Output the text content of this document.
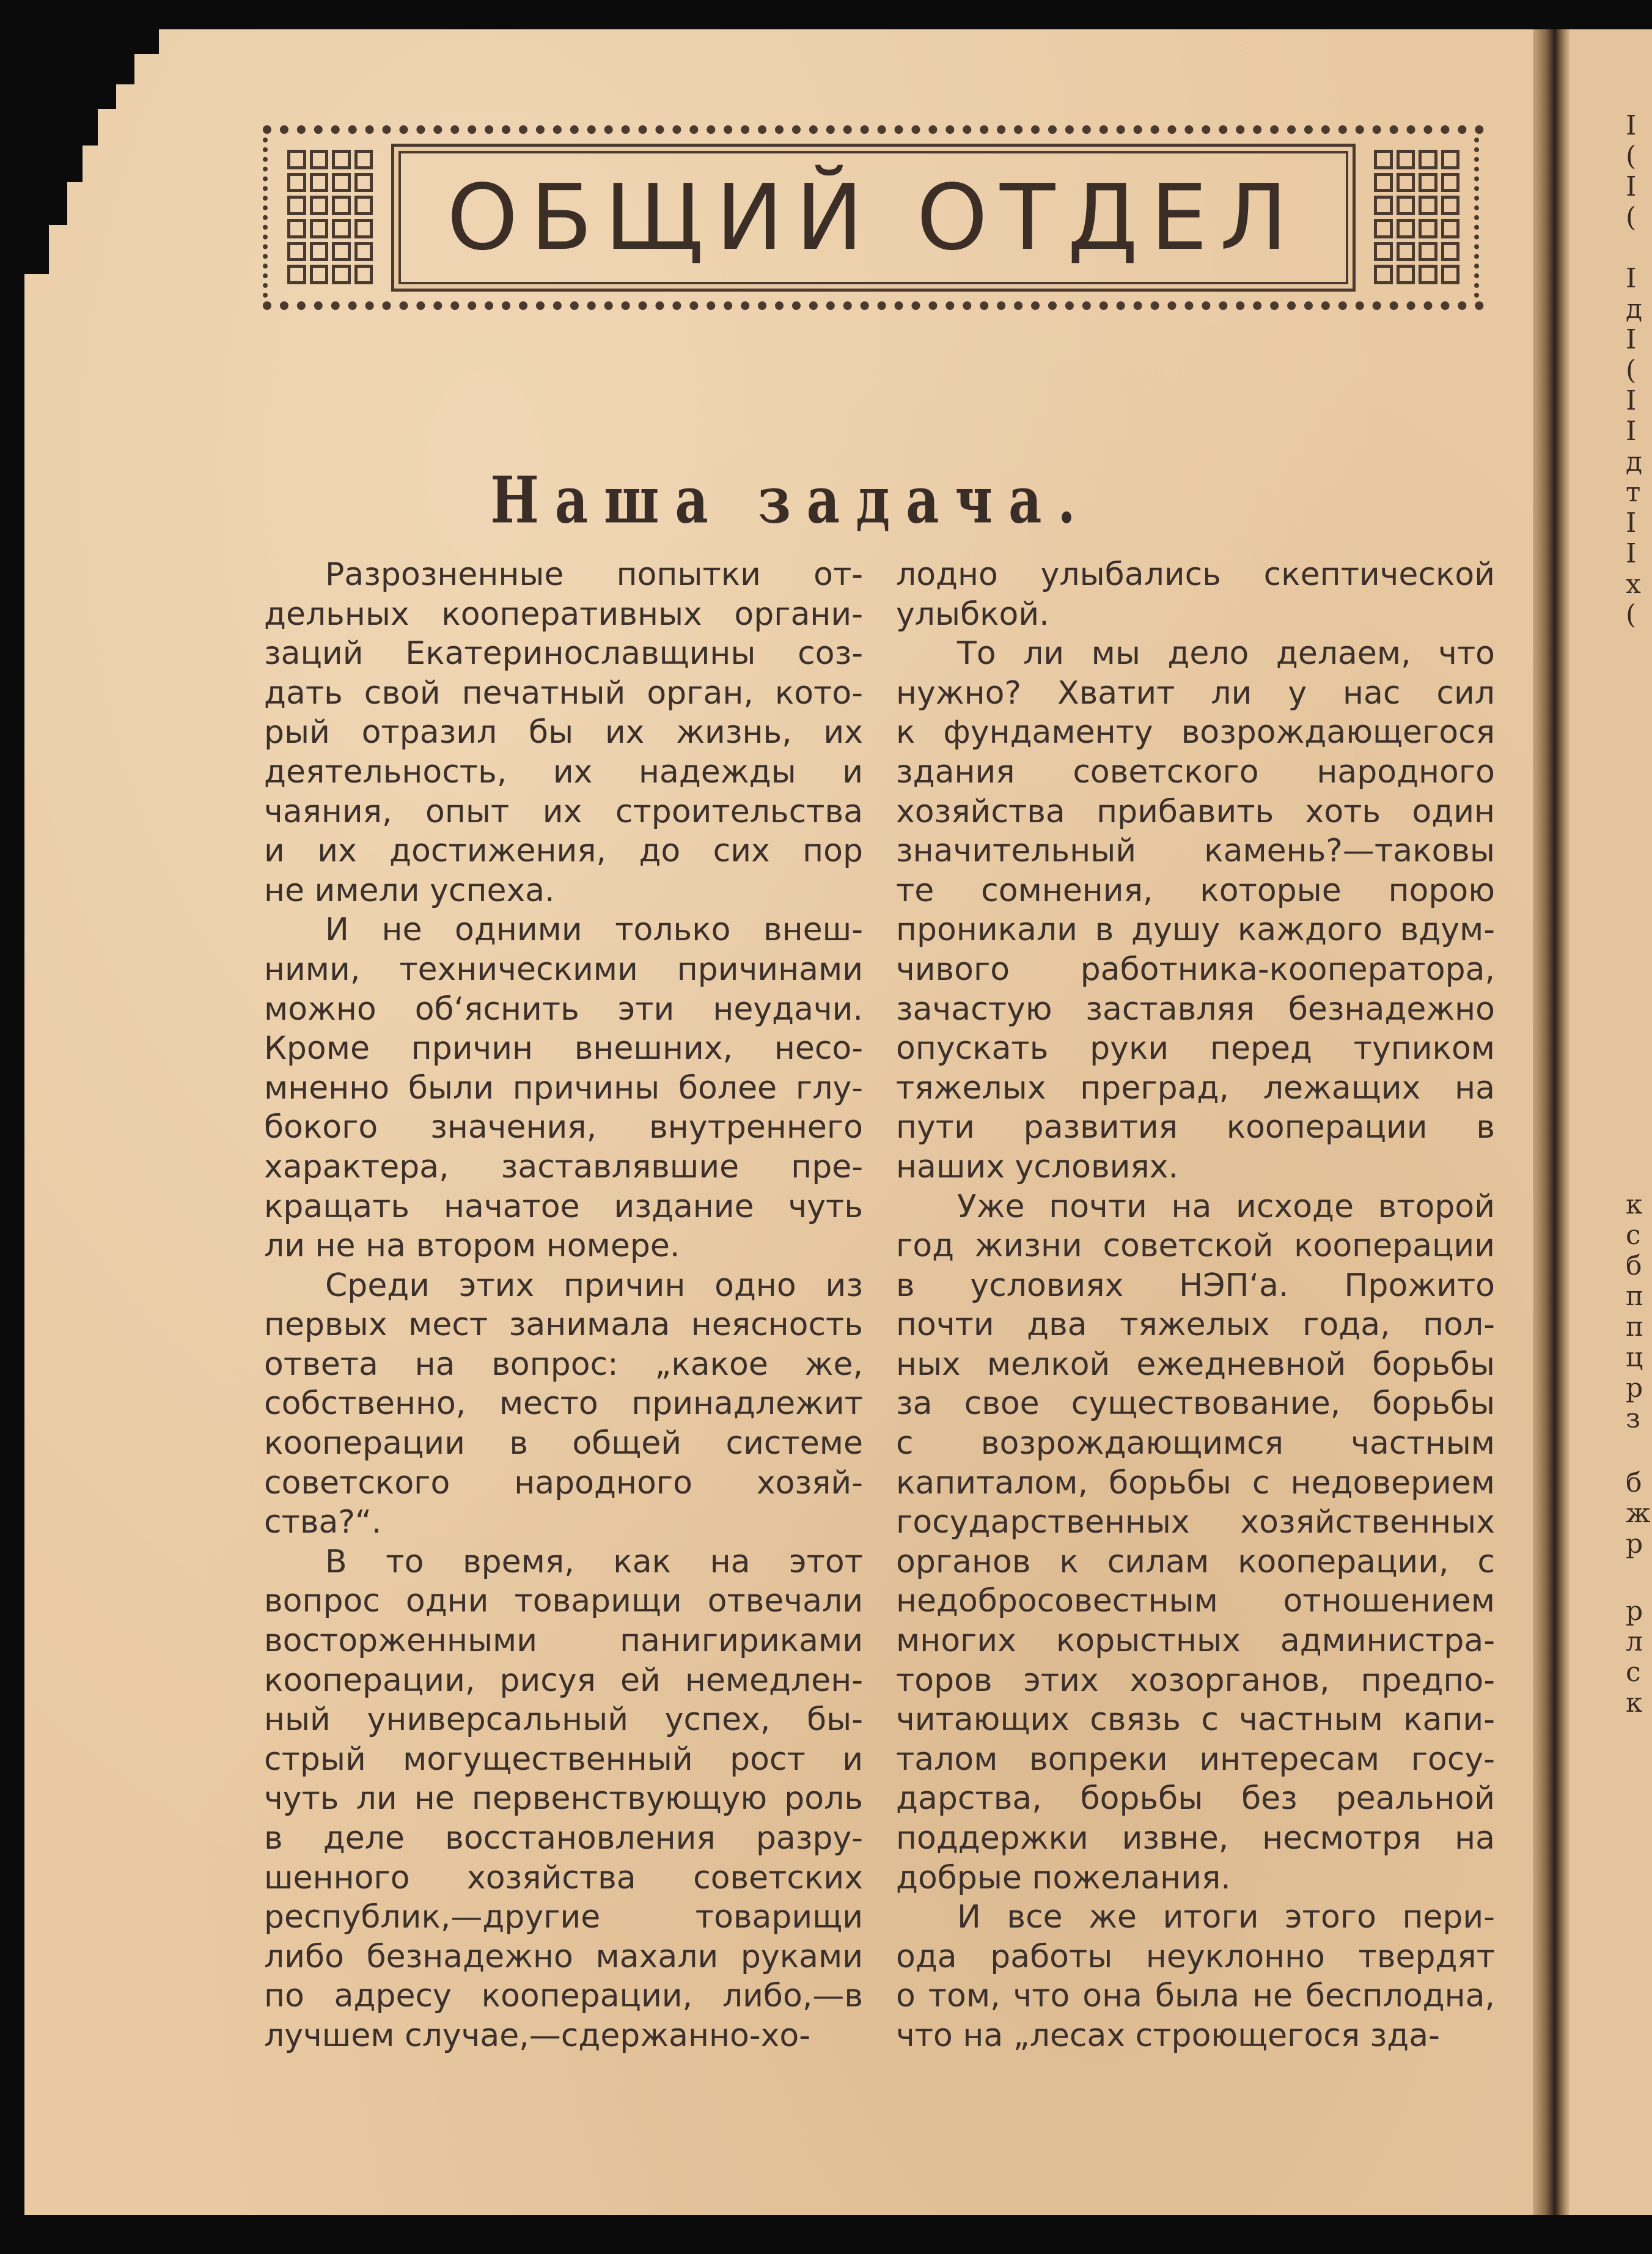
ОБЩИЙ ОТДЕЛ
Наша задача.
Разрозненные попытки от-
дельных кооперативных органи-
заций Екатеринославщины соз-
дать свой печатный орган, кото-
рый отразил бы их жизнь, их
деятельность, их надежды и
чаяния, опыт их строительства
и их достижения, до сих пор
не имели успеха.
И не одними только внеш-
ними, техническими причинами
можно об‘яснить эти неудачи.
Кроме причин внешних, несо-
мненно были причины более глу-
бокого значения, внутреннего
характера, заставлявшие пре-
кращать начатое издание чуть
ли не на втором номере.
Среди этих причин одно из
первых мест занимала неясность
ответа на вопрос: „какое же,
собственно, место принадлежит
кооперации в общей системе
советского народного хозяй-
ства?“.
В то время, как на этот
вопрос одни товарищи отвечали
восторженными панигириками
кооперации, рисуя ей немедлен-
ный универсальный успех, бы-
стрый могущественный рост и
чуть ли не первенствующую роль
в деле восстановления разру-
шенного хозяйства советских
республик,—другие товарищи
либо безнадежно махали руками
по адресу кооперации, либо,—в
лучшем случае,—сдержанно-хо-
лодно улыбались скептической
улыбкой.
То ли мы дело делаем, что
нужно? Хватит ли у нас сил
к фундаменту возрождающегося
здания советского народного
хозяйства прибавить хоть один
значительный камень?—таковы
те сомнения, которые порою
проникали в душу каждого вдум-
чивого работника-кооператора,
зачастую заставляя безнадежно
опускать руки перед тупиком
тяжелых преград, лежащих на
пути развития кооперации в
наших условиях.
Уже почти на исходе второй
год жизни советской кооперации
в условиях НЭП‘а. Прожито
почти два тяжелых года, пол-
ных мелкой ежедневной борьбы
за свое существование, борьбы
с возрождающимся частным
капиталом, борьбы с недоверием
государственных хозяйственных
органов к силам кооперации, с
недобросовестным отношением
многих корыстных администра-
торов этих хозорганов, предпо-
читающих связь с частным капи-
талом вопреки интересам госу-
дарства, борьбы без реальной
поддержки извне, несмотря на
добрые пожелания.
И все же итоги этого пери-
ода работы неуклонно твердят
о том, что она была не бесплодна,
что на „лесах строющегося зда-
I
(
I
(
I
д
I
(
I
I
д
т
I
I
х
(
к
с
б
п
п
ц
р
з
б
ж
р
р
л
с
к
